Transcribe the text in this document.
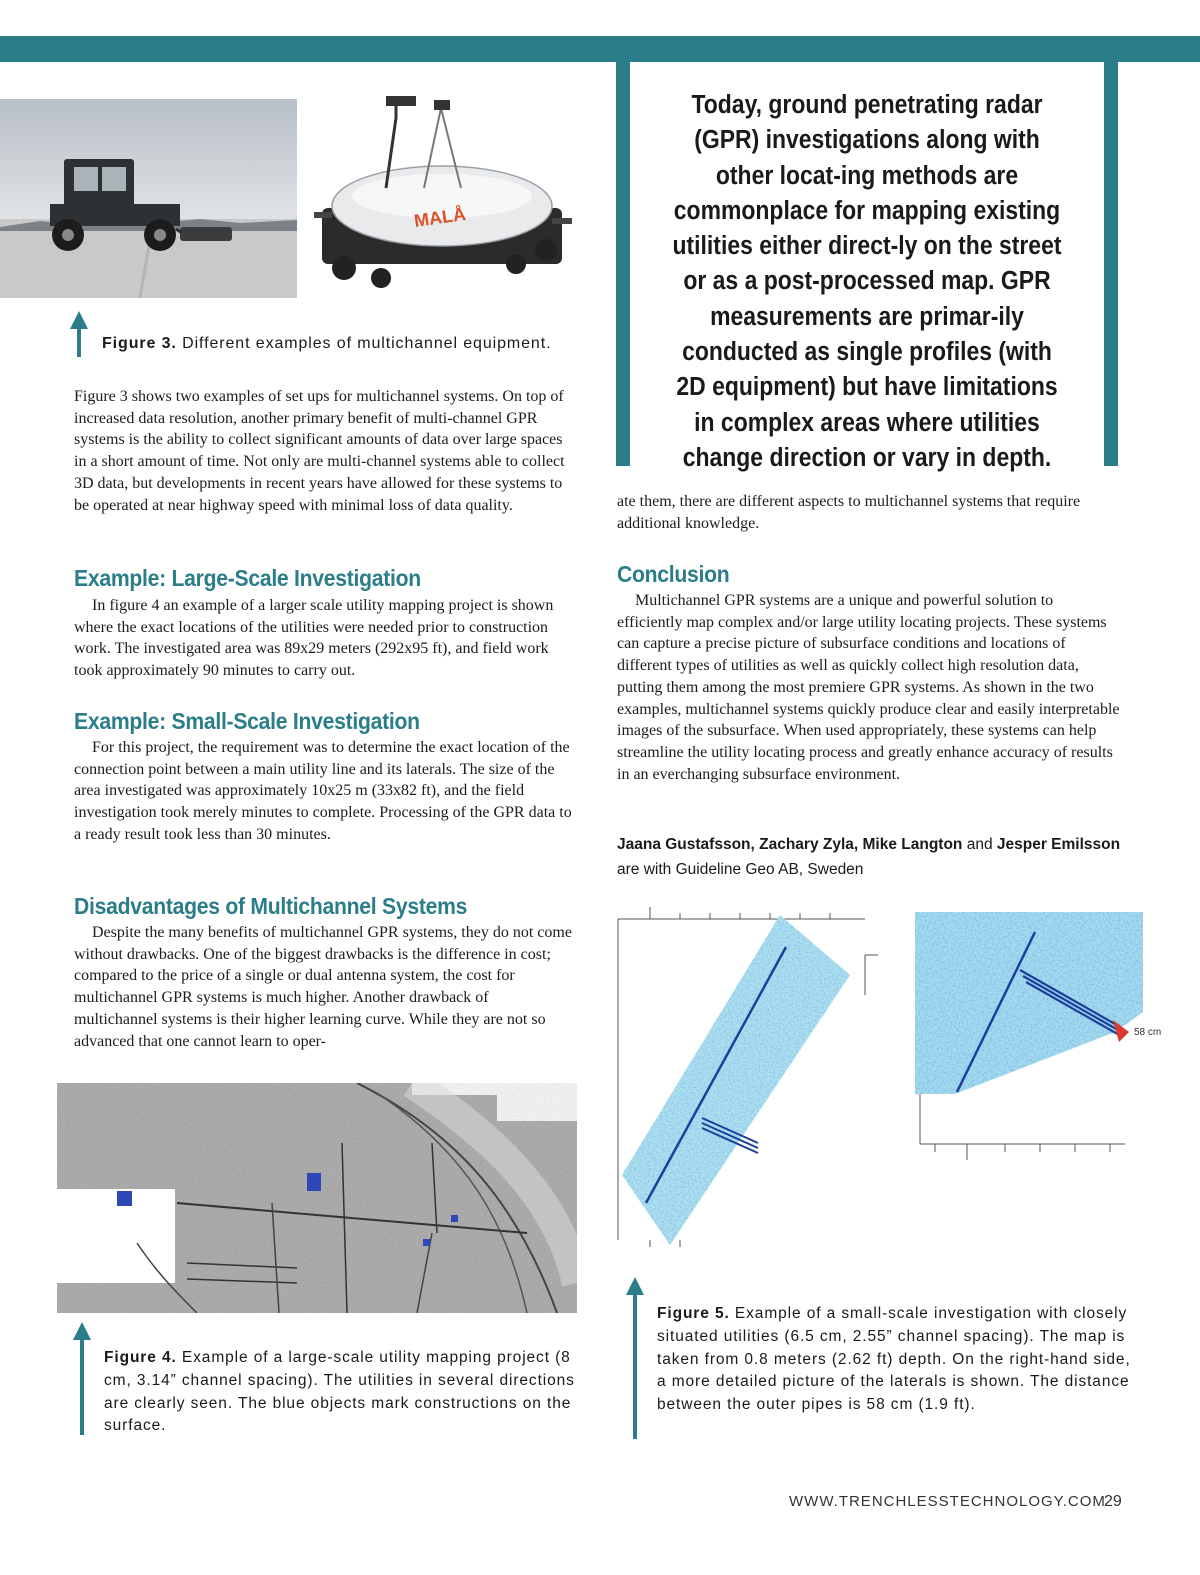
MALÅ

Figure 3. Different examples of multichannel equipment.

Today, ground penetrating radar (GPR) investigations along with other locat-ing methods are commonplace for mapping existing utilities either direct-ly on the street or as a post-processed map. GPR measurements are primar-ily conducted as single profiles (with 2D equipment) but have limitations in complex areas where utilities change direction or vary in depth.

Figure 3 shows two examples of set ups for multichannel systems. On top of increased data resolution, another primary benefit of multi-channel GPR systems is the ability to collect significant amounts of data over large spaces in a short amount of time. Not only are multi-channel systems able to collect 3D data, but developments in recent years have allowed for these systems to be operated at near highway speed with minimal loss of data quality.

Example: Large-Scale Investigation

In figure 4 an example of a larger scale utility mapping project is shown where the exact locations of the utilities were needed prior to construction work. The investigated area was 89x29 meters (292x95 ft), and field work took approximately 90 minutes to carry out.

Example: Small-Scale Investigation

For this project, the requirement was to determine the exact location of the connection point between a main utility line and its laterals. The size of the area investigated was approximately 10x25 m (33x82 ft), and the field investigation took merely minutes to complete. Processing of the GPR data to a ready result took less than 30 minutes.

Disadvantages of Multichannel Systems

Despite the many benefits of multichannel GPR systems, they do not come without drawbacks. One of the biggest drawbacks is the difference in cost; compared to the price of a single or dual antenna system, the cost for multichannel GPR systems is much higher. Another drawback of multichannel systems is their higher learning curve. While they are not so advanced that one cannot learn to oper-

ate them, there are different aspects to multichannel systems that require additional knowledge.

Conclusion

Multichannel GPR systems are a unique and powerful solution to efficiently map complex and/or large utility locating projects. These systems can capture a precise picture of subsurface conditions and locations of different types of utilities as well as quickly collect high resolution data, putting them among the most premiere GPR systems. As shown in the two examples, multichannel systems quickly produce clear and easily interpretable images of the subsurface. When used appropriately, these systems can help streamline the utility locating process and greatly enhance accuracy of results in an everchanging subsurface environment.

Jaana Gustafsson, Zachary Zyla, Mike Langton and Jesper Emilsson
are with Guideline Geo AB, Sweden

Figure 4. Example of a large-scale utility mapping project (8 cm, 3.14” channel spacing). The utilities in several directions are clearly seen. The blue objects mark constructions on the surface.

58 cm

Figure 5. Example of a small-scale investigation with closely situated utilities (6.5 cm, 2.55” channel spacing). The map is taken from 0.8 meters (2.62 ft) depth. On the right-hand side, a more detailed picture of the laterals is shown. The distance between the outer pipes is 58 cm (1.9 ft).

WWW.TRENCHLESSTECHNOLOGY.COM
29
